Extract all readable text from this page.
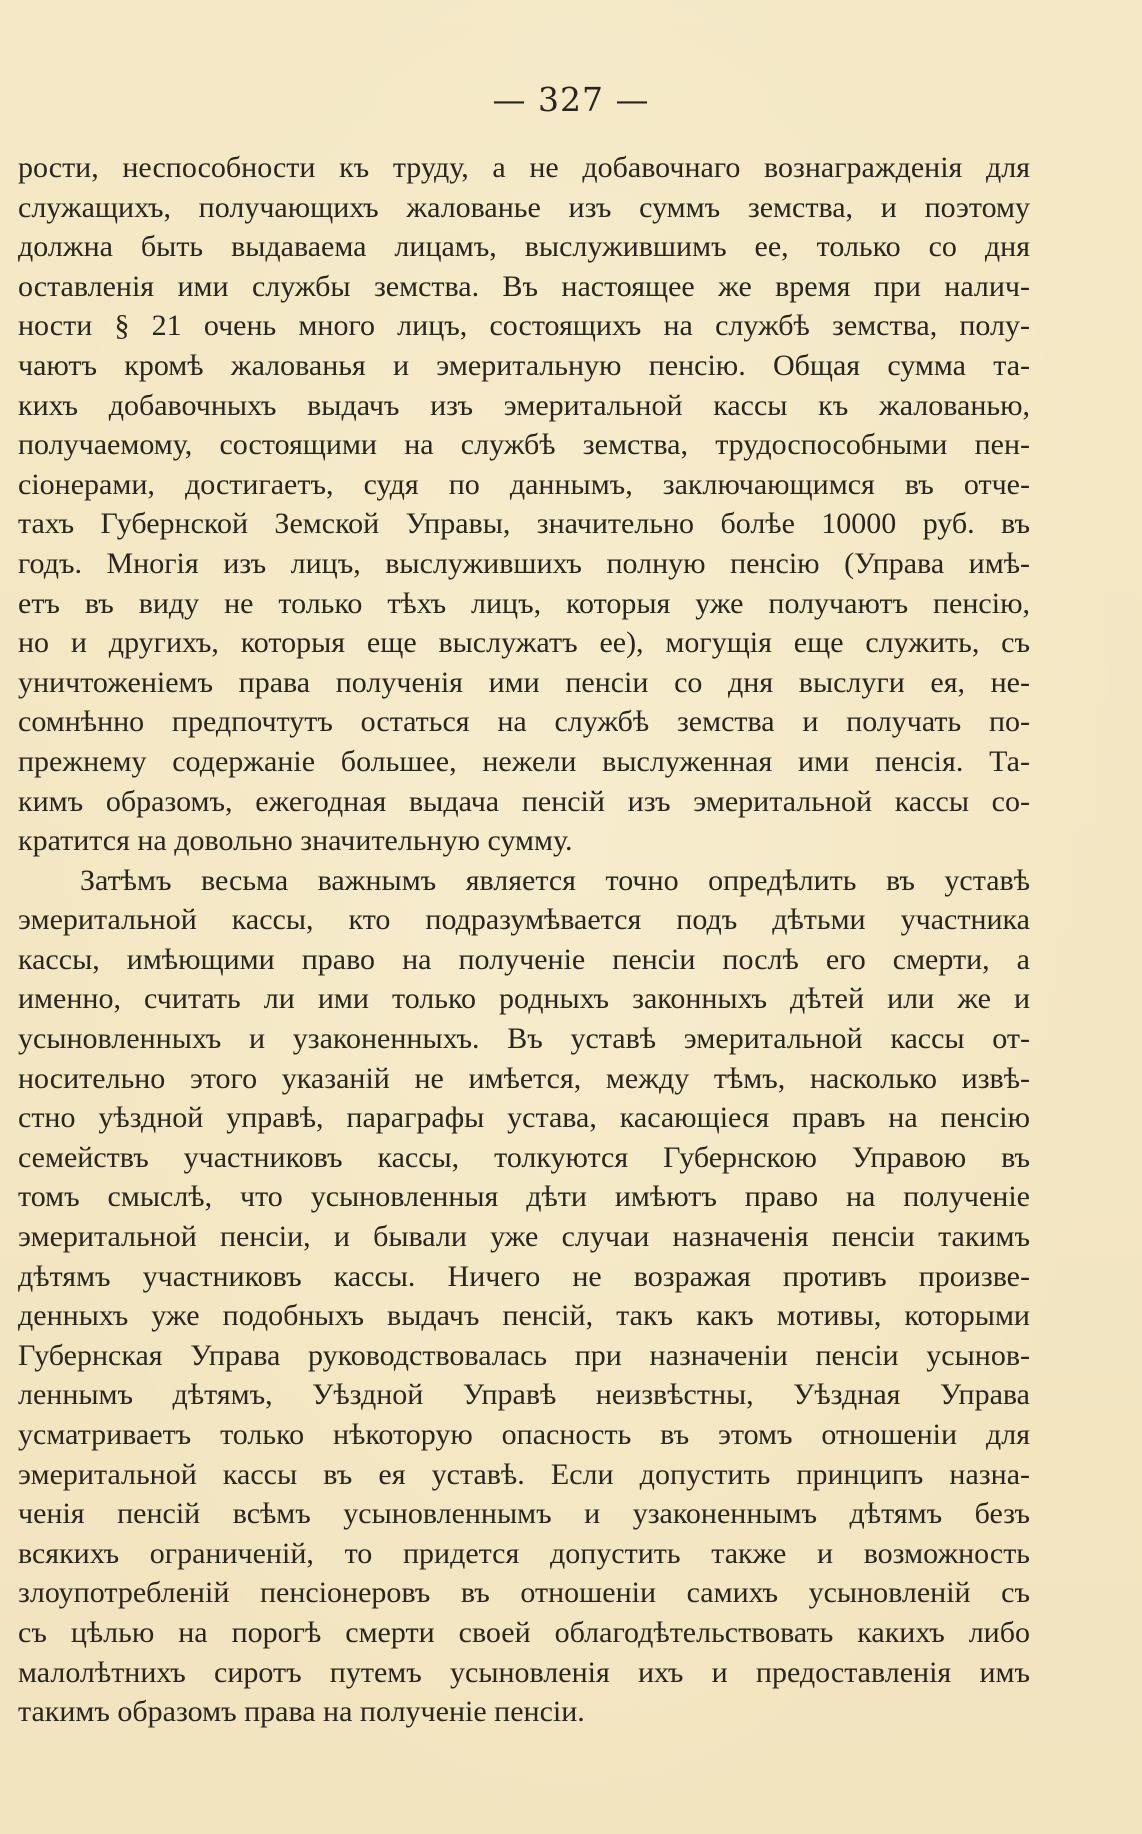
— 327 —
рости, неспособности къ труду, а не добавочнаго вознагражденія для
служащихъ, получающихъ жалованье изъ суммъ земства, и поэтому
должна быть выдаваема лицамъ, выслужившимъ ее, только со дня
оставленія ими службы земства. Въ настоящее же время при налич-
ности § 21 очень много лицъ, состоящихъ на службѣ земства, полу-
чаютъ кромѣ жалованья и эмеритальную пенсію. Общая сумма та-
кихъ добавочныхъ выдачъ изъ эмеритальной кассы къ жалованью,
получаемому, состоящими на службѣ земства, трудоспособными пен-
сіонерами, достигаетъ, судя по даннымъ, заключающимся въ отче-
тахъ Губернской Земской Управы, значительно болѣе 10000 руб. въ
годъ. Многія изъ лицъ, выслужившихъ полную пенсію (Управа имѣ-
етъ въ виду не только тѣхъ лицъ, которыя уже получаютъ пенсію,
но и другихъ, которыя еще выслужатъ ее), могущія еще служить, съ
уничтоженіемъ права полученія ими пенсіи со дня выслуги ея, не-
сомнѣнно предпочтутъ остаться на службѣ земства и получать по-
прежнему содержаніе большее, нежели выслуженная ими пенсія. Та-
кимъ образомъ, ежегодная выдача пенсій изъ эмеритальной кассы со-
кратится на довольно значительную сумму.
Затѣмъ весьма важнымъ является точно опредѣлить въ уставѣ
эмеритальной кассы, кто подразумѣвается подъ дѣтьми участника
кассы, имѣющими право на полученіе пенсіи послѣ его смерти, а
именно, считать ли ими только родныхъ законныхъ дѣтей или же и
усыновленныхъ и узаконенныхъ. Въ уставѣ эмеритальной кассы от-
носительно этого указаній не имѣется, между тѣмъ, насколько извѣ-
стно уѣздной управѣ, параграфы устава, касающіеся правъ на пенсію
семействъ участниковъ кассы, толкуются Губернскою Управою въ
томъ смыслѣ, что усыновленныя дѣти имѣютъ право на полученіе
эмеритальной пенсіи, и бывали уже случаи назначенія пенсіи такимъ
дѣтямъ участниковъ кассы. Ничего не возражая противъ произве-
денныхъ уже подобныхъ выдачъ пенсій, такъ какъ мотивы, которыми
Губернская Управа руководствовалась при назначеніи пенсіи усынов-
леннымъ дѣтямъ, Уѣздной Управѣ неизвѣстны, Уѣздная Управа
усматриваетъ только нѣкоторую опасность въ этомъ отношеніи для
эмеритальной кассы въ ея уставѣ. Если допустить принципъ назна-
ченія пенсій всѣмъ усыновленнымъ и узаконеннымъ дѣтямъ безъ
всякихъ ограниченій, то придется допустить также и возможность
злоупотребленій пенсіонеровъ въ отношеніи самихъ усыновленій съ
съ цѣлью на порогѣ смерти своей облагодѣтельствовать какихъ либо
малолѣтнихъ сиротъ путемъ усыновленія ихъ и предоставленія имъ
такимъ образомъ права на полученіе пенсіи.
